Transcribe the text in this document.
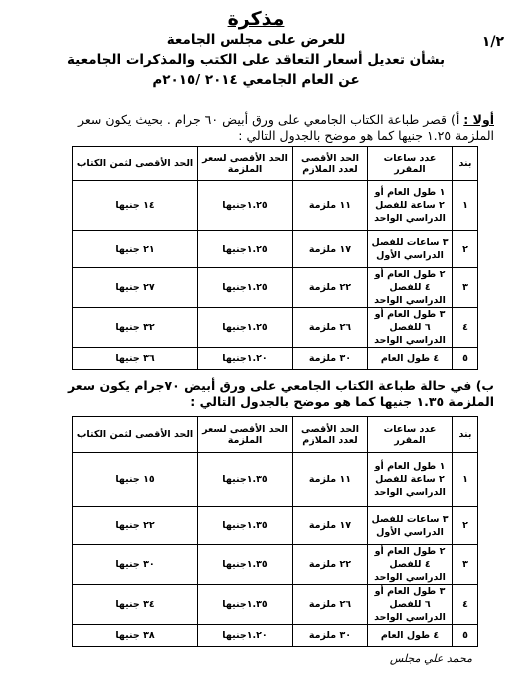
١/٢
مذكرة
للعرض على مجلس الجامعة
بشأن تعديل أسعار التعاقد على الكتب والمذكرات الجامعية
عن العام الجامعي ٢٠١٤ /٢٠١٥م
أولا : أ) قصر طباعة الكتاب الجامعي على ورق أبيض ٦٠ جرام . بحيث يكون سعر الملزمة ١.٢٥ جنيها كما هو موضح بالجدول التالي :
بند	عدد ساعات المقرر	الحد الأقصى لعدد الملازم	الحد الأقصى لسعر الملزمة	الحد الأقصى لثمن الكتاب
١	١ طول العام أو ٢ ساعة للفصل الدراسي الواحد	١١ ملزمة	١.٢٥جنيها	١٤ جنيها
٢	٣ ساعات للفصل الدراسي الأول	١٧ ملزمة	١.٢٥جنيها	٢١ جنيها
٣	٢ طول العام أو ٤ للفصل الدراسي الواحد	٢٢ ملزمة	١.٢٥جنيها	٢٧ جنيها
٤	٣ طول العام أو ٦ للفصل الدراسي الواحد	٢٦ ملزمة	١.٢٥جنيها	٣٢ جنيها
٥	٤ طول العام	٣٠ ملزمة	١.٢٠جنيها	٣٦ جنيها
ب) في حالة طباعة الكتاب الجامعي على ورق أبيض ٧٠جرام يكون سعر الملزمة ١.٣٥ جنيها كما هو موضح بالجدول التالي :
بند	عدد ساعات المقرر	الحد الأقصى لعدد الملازم	الحد الأقصى لسعر الملزمة	الحد الأقصى لثمن الكتاب
١	١ طول العام أو ٢ ساعة للفصل الدراسي الواحد	١١ ملزمة	١.٣٥جنيها	١٥ جنيها
٢	٣ ساعات للفصل الدراسي الأول	١٧ ملزمة	١.٣٥جنيها	٢٢ جنيها
٣	٢ طول العام أو ٤ للفصل الدراسي الواحد	٢٢ ملزمة	١.٣٥جنيها	٣٠ جنيها
٤	٣ طول العام أو ٦ للفصل الدراسي الواحد	٢٦ ملزمة	١.٣٥جنيها	٣٤ جنيها
٥	٤ طول العام	٣٠ ملزمة	١.٢٠جنيها	٣٨ جنيها
محمد علي مجلس
